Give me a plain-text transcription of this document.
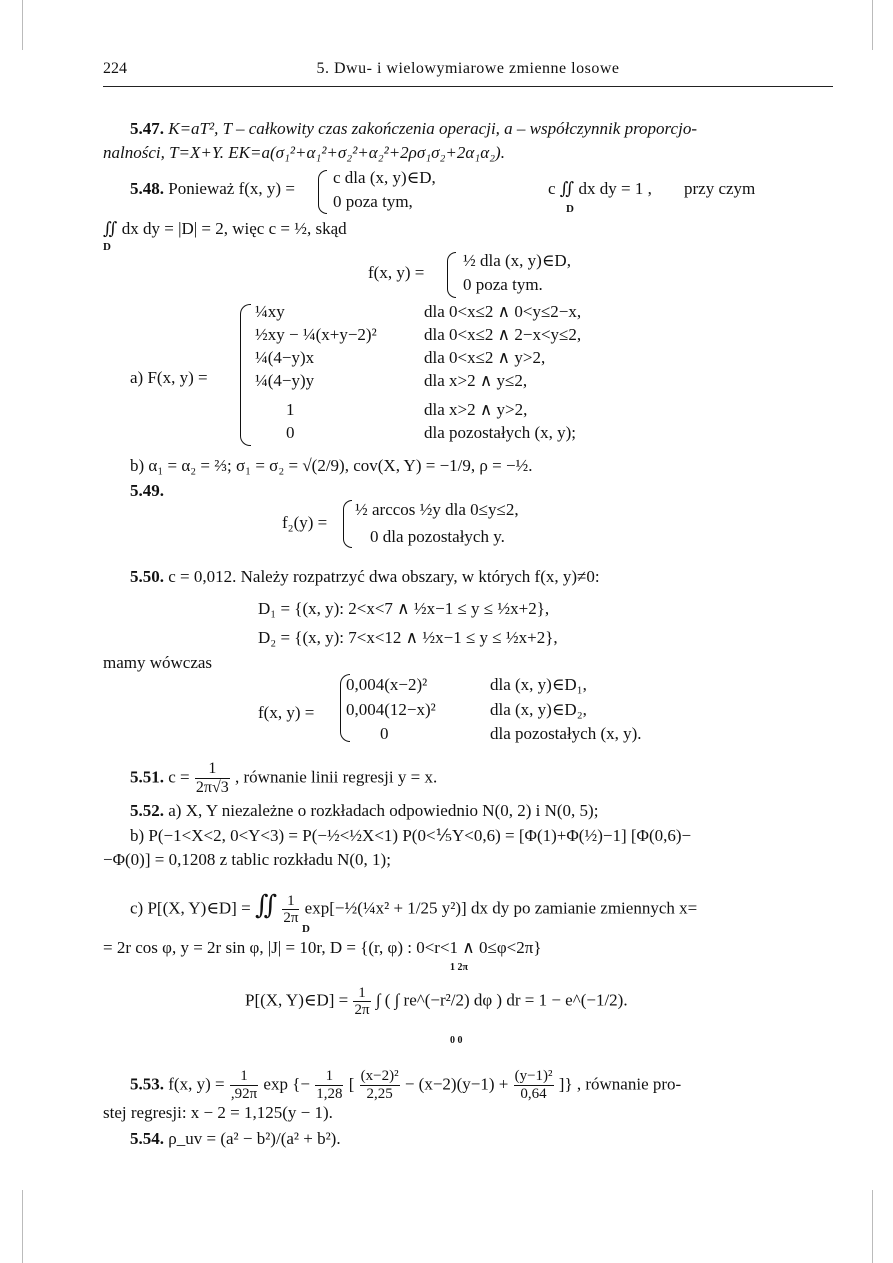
224	5. Dwu- i wielowymiarowe zmienne losowe
5.47. K=aT², T – całkowity czas zakończenia operacji, a – współczynnik proporcjo-
nalności, T=X+Y. EK=a(σ₁²+α₁²+σ₂²+α₂²+2ρσ₁σ₂+2α₁α₂).
5.48. Ponieważ f(x, y) =
c dla (x, y)∈D,
0 poza tym,
c ∬ dx dy = 1 ,
D
przy czym
∬ dx dy = |D| = 2, więc c = ½, skąd
D
f(x, y) =
½ dla (x, y)∈D,
0 poza tym.
a) F(x, y) =
¼xy
½xy − ¼(x+y−2)²
¼(4−y)x
¼(4−y)y
1
0
dla 0<x≤2 ∧ 0<y≤2−x,
dla 0<x≤2 ∧ 2−x<y≤2,
dla 0<x≤2 ∧ y>2,
dla x>2 ∧ y≤2,
dla x>2 ∧ y>2,
dla pozostałych (x, y);
b) α₁ = α₂ = ⅔; σ₁ = σ₂ = √(2/9), cov(X, Y) = −1/9, ρ = −½.
5.49.
f₂(y) =
½ arccos ½y dla 0≤y≤2,
0 dla pozostałych y.
5.50. c = 0,012. Należy rozpatrzyć dwa obszary, w których f(x, y)≠0:
D₁ = {(x, y): 2<x<7 ∧ ½x−1 ≤ y ≤ ½x+2},
D₂ = {(x, y): 7<x<12 ∧ ½x−1 ≤ y ≤ ½x+2},
mamy wówczas
f(x, y) =
0,004(x−2)²
0,004(12−x)²
0
dla (x, y)∈D₁,
dla (x, y)∈D₂,
dla pozostałych (x, y).
5.51. $c = \frac{1}{2\pi√3}$ , równanie linii regresji y = x.
5.52. a) X, Y niezależne o rozkładach odpowiednio N(0, 2) i N(0, 5);
b) P(−1<X<2, 0<Y<3) = P(−½<½X<1) P(0<⅕Y<0,6) = [Φ(1)+Φ(½)−1] [Φ(0,6)−
−Φ(0)] = 0,1208 z tablic rozkładu N(0, 1);
c) P[(X, Y)∈D] = ∬ $\frac{1}{2\pi}$ exp[−½(¼x² + 1/25 y²)] dx dy po zamianie zmiennych x=
D
= 2r cos φ, y = 2r sin φ, |J| = 10r, D = {(r, φ) : 0<r<1 ∧ 0≤φ<2π}
1 2π
P[(X, Y)∈D] = $\frac{1}{2\pi}$ ∫ ( ∫ re^(−r²/2) dφ ) dr = 1 − e^(−1/2).
0 0
5.53. f(x, $y) = \frac{1}{,92\pi}$ exp {− $\frac{1}{1,28}$ [ $\frac{\text{(x−2)²}}{2,25} - (x-2)(y-1) + \frac{\text{(y−1)²}}{0,64}$ ]} , równanie pro-
stej regresji: x − 2 = 1,125(y − 1).
5.54. ρ_uv = (a² − b²)/(a² + b²).
